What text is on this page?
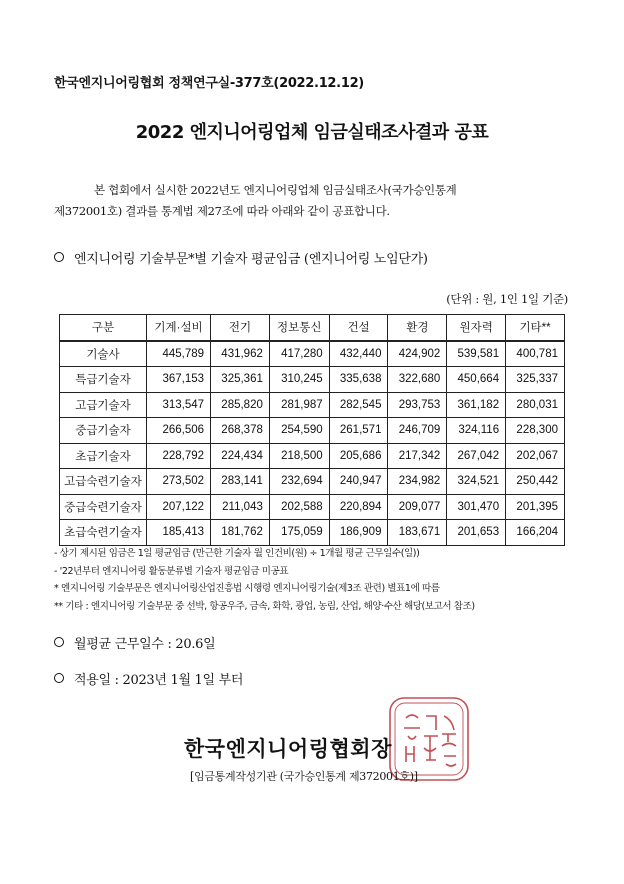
한국엔지니어링협회 정책연구실-377호(2022.12.12)
2022 엔지니어링업체 임금실태조사결과 공표
본 협회에서 실시한 2022년도 엔지니어링업체 임금실태조사(국가승인통계
제372001호) 결과를 통계법 제27조에 따라 아래와 같이 공표합니다.
엔지니어링 기술부문*별 기술자 평균임금 (엔지니어링 노임단가)
(단위 : 원, 1인 1일 기준)
구분	기계·설비	전기	정보통신	건설	환경	원자력	기타**
기술사	445,789	431,962	417,280	432,440	424,902	539,581	400,781
특급기술자	367,153	325,361	310,245	335,638	322,680	450,664	325,337
고급기술자	313,547	285,820	281,987	282,545	293,753	361,182	280,031
중급기술자	266,506	268,378	254,590	261,571	246,709	324,116	228,300
초급기술자	228,792	224,434	218,500	205,686	217,342	267,042	202,067
고급숙련기술자	273,502	283,141	232,694	240,947	234,982	324,521	250,442
중급숙련기술자	207,122	211,043	202,588	220,894	209,077	301,470	201,395
초급숙련기술자	185,413	181,762	175,059	186,909	183,671	201,653	166,204
- 상기 제시된 임금은 1일 평균임금 (만근한 기술자 월 인건비(원) ÷ 1개월 평균 근무일수(일))
- '22년부터 엔지니어링 활동분류별 기술자 평균임금 미공표
* 엔지니어링 기술부문은 엔지니어링산업진흥법 시행령 엔지니어링기술(제3조 관련) 별표1에 따름
** 기타 : 엔지니어링 기술부문 중 선박, 항공우주, 금속, 화학, 광업, 농림, 산업, 해양·수산 해당(보고서 참조)
월평균 근무일수 : 20.6일
적용일 : 2023년 1월 1일 부터
한국엔지니어링협회장
[임금통계작성기관 (국가승인통계 제372001호)]
